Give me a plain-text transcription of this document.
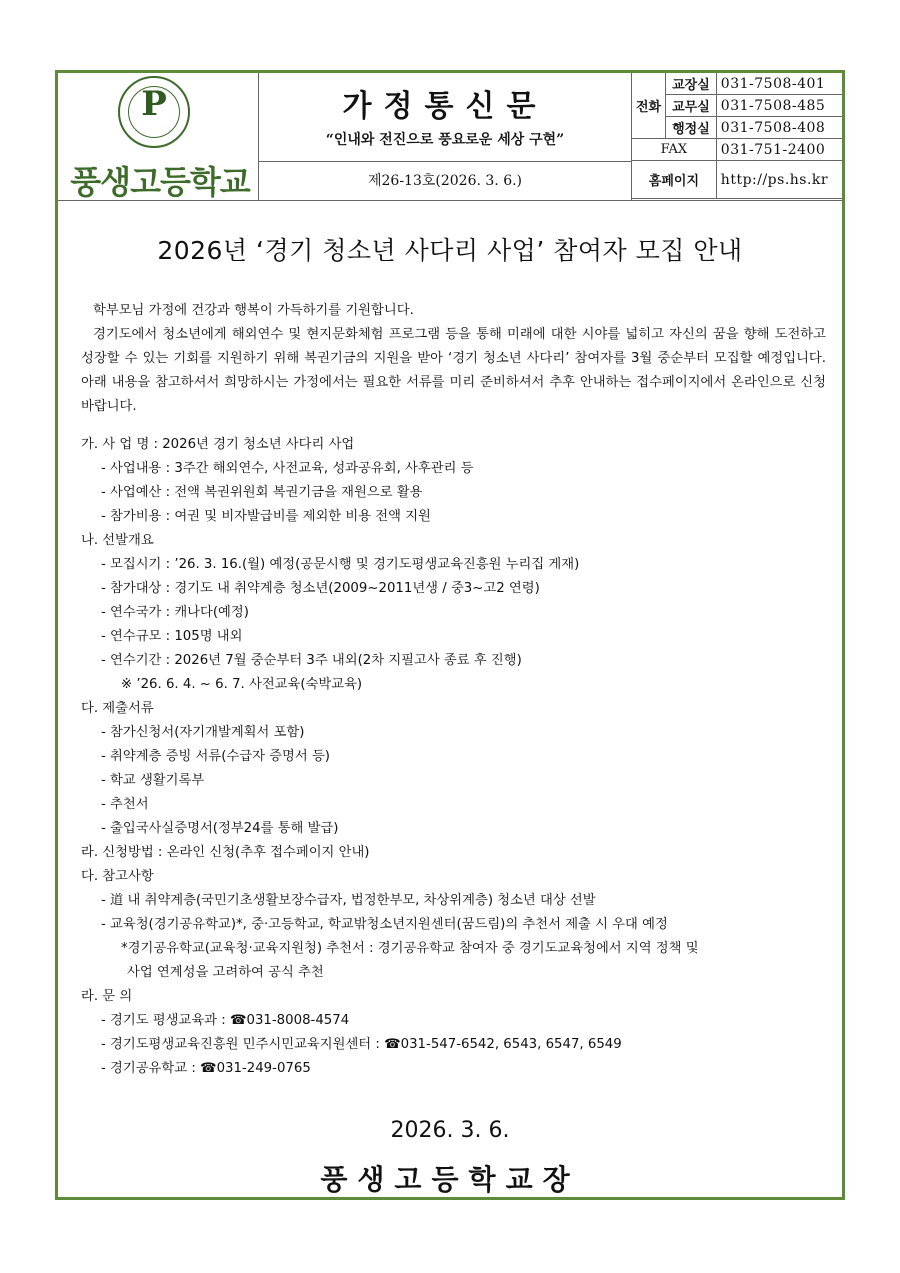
P
풍생고등학교
가정통신문
“인내와 전진으로 풍요로운 세상 구현”
제26-13호(2026. 3. 6.)
전화	교장실	031-7508-401
	교무실	031-7508-485
	행정실	031-7508-408
FAX		031-751-2400
홈페이지		http://ps.hs.kr
2026년 ‘경기 청소년 사다리 사업’ 참여자 모집 안내

학부모님 가정에 건강과 행복이 가득하기를 기원합니다.

경기도에서 청소년에게 해외연수 및 현지문화체험 프로그램 등을 통해 미래에 대한 시야를 넓히고 자신의 꿈을 향해 도전하고 성장할 수 있는 기회를 지원하기 위해 복권기금의 지원을 받아 ‘경기 청소년 사다리’ 참여자를 3월 중순부터 모집할 예정입니다. 아래 내용을 참고하셔서 희망하시는 가정에서는 필요한 서류를 미리 준비하셔서 추후 안내하는 접수페이지에서 온라인으로 신청 바랍니다.

가. 사 업 명 : 2026년 경기 청소년 사다리 사업
- 사업내용 : 3주간 해외연수, 사전교육, 성과공유회, 사후관리 등
- 사업예산 : 전액 복권위원회 복권기금을 재원으로 활용
- 참가비용 : 여권 및 비자발급비를 제외한 비용 전액 지원
나. 선발개요
- 모집시기 : ’26. 3. 16.(월) 예정(공문시행 및 경기도평생교육진흥원 누리집 게재)
- 참가대상 : 경기도 내 취약계층 청소년(2009~2011년생 / 중3~고2 연령)
- 연수국가 : 캐나다(예정)
- 연수규모 : 105명 내외
- 연수기간 : 2026년 7월 중순부터 3주 내외(2차 지필고사 종료 후 진행)
※ ’26. 6. 4. ~ 6. 7. 사전교육(숙박교육)
다. 제출서류
- 참가신청서(자기개발계획서 포함)
- 취약계층 증빙 서류(수급자 증명서 등)
- 학교 생활기록부
- 추천서
- 출입국사실증명서(정부24를 통해 발급)
라. 신청방법 : 온라인 신청(추후 접수페이지 안내)
다. 참고사항
- 道 내 취약계층(국민기초생활보장수급자, 법정한부모, 차상위계층) 청소년 대상 선발
- 교육청(경기공유학교)*, 중·고등학교, 학교밖청소년지원센터(꿈드림)의 추천서 제출 시 우대 예정
*경기공유학교(교육청·교육지원청) 추천서 : 경기공유학교 참여자 중 경기도교육청에서 지역 정책 및
사업 연계성을 고려하여 공식 추천
라. 문 의
- 경기도 평생교육과 : ☎031-8008-4574
- 경기도평생교육진흥원 민주시민교육지원센터 : ☎031-547-6542, 6543, 6547, 6549
- 경기공유학교 : ☎031-249-0765
2026. 3. 6.
풍생고등학교장
